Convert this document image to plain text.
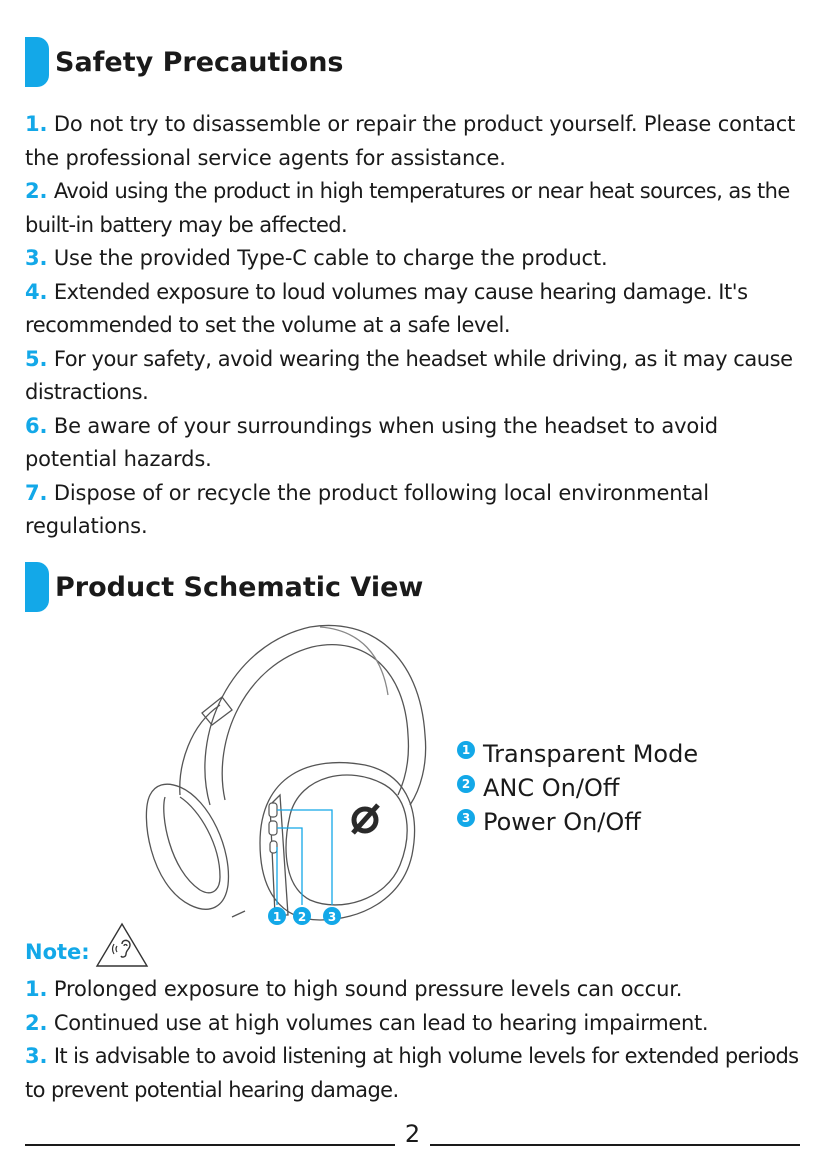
Safety Precautions
1. Do not try to disassemble or repair the product yourself. Please contact the professional service agents for assistance.
2. Avoid using the product in high temperatures or near heat sources, as the built-in battery may be affected.
3. Use the provided Type-C cable to charge the product.
4. Extended exposure to loud volumes may cause hearing damage. It's recommended to set the volume at a safe level.
5. For your safety, avoid wearing the headset while driving, as it may cause distractions.
6. Be aware of your surroundings when using the headset to avoid potential hazards.
7. Dispose of or recycle the product following local environmental regulations.
Product Schematic View
1 2 3
1 Transparent Mode
2 ANC On/Off
3 Power On/Off
Note:
1. Prolonged exposure to high sound pressure levels can occur.
2. Continued use at high volumes can lead to hearing impairment.
3. It is advisable to avoid listening at high volume levels for extended periods to prevent potential hearing damage.
2
